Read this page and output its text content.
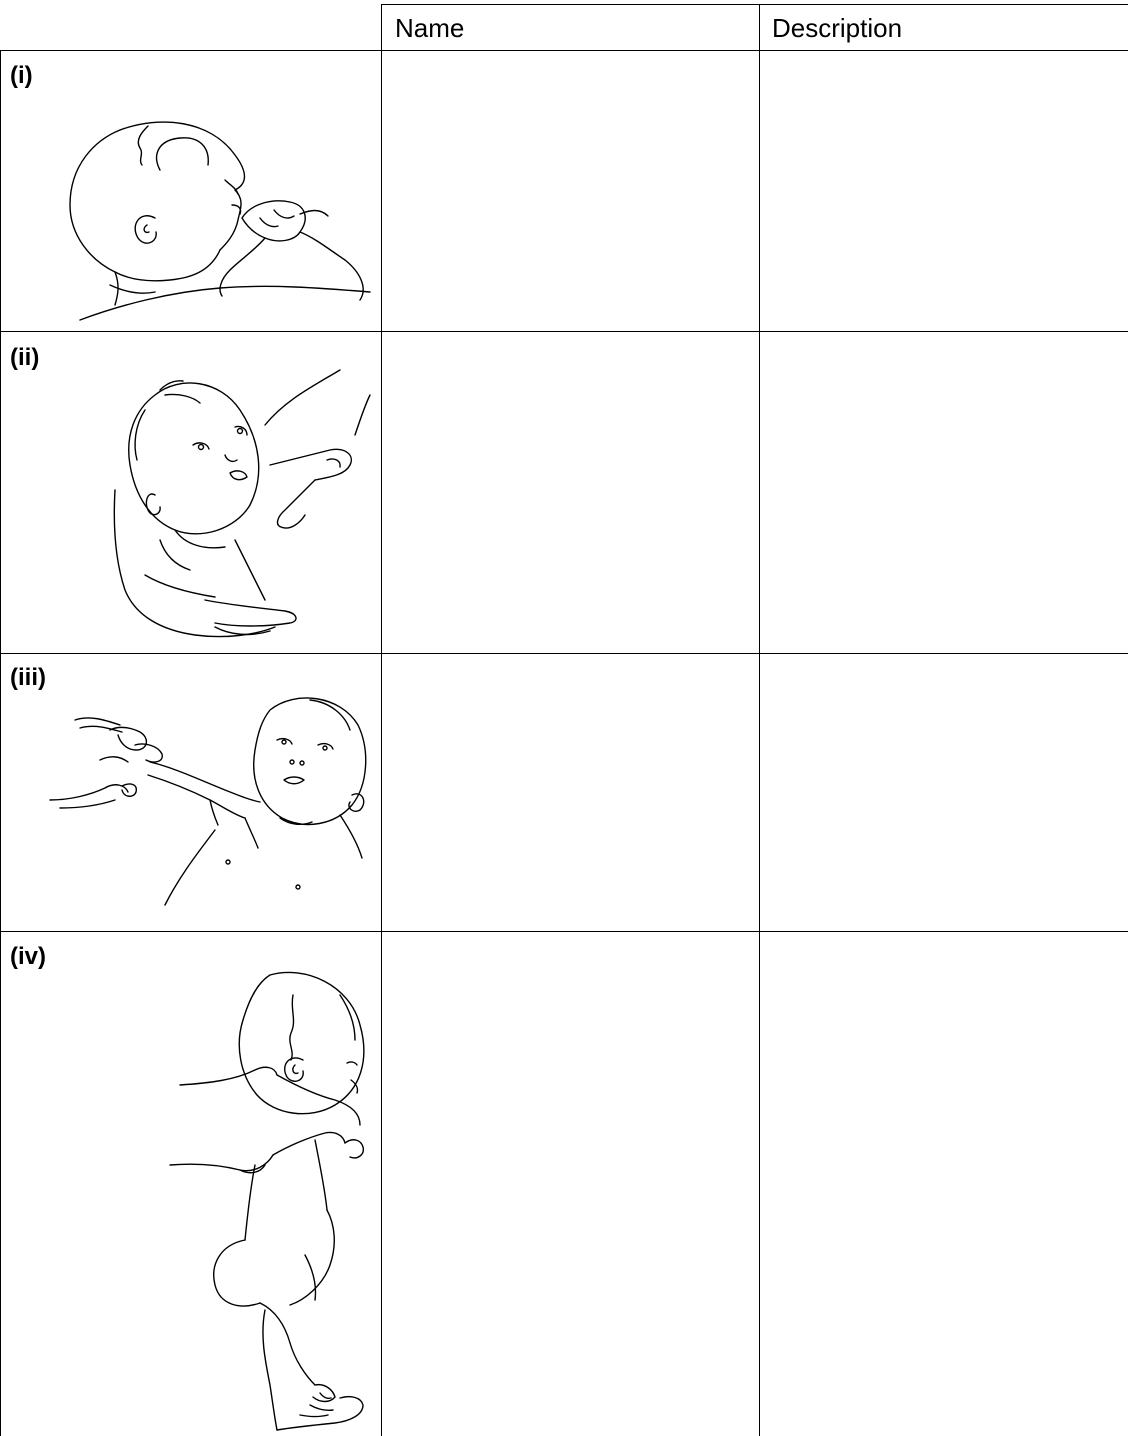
Name	Description
(i)
(ii)
(iii)
(iv)
